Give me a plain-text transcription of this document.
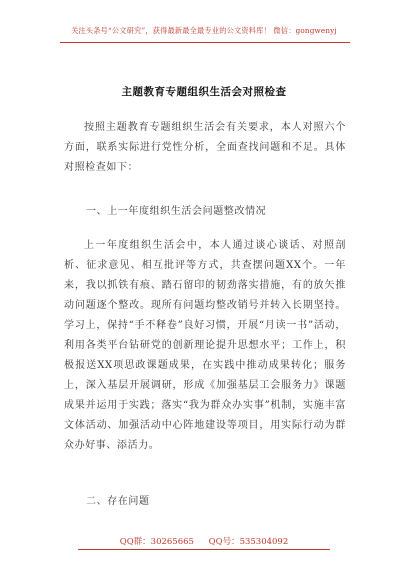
关注头条号“公文研究”，获得最新最全最专业的公文资料库！ 微信：gongwenyj
主题教育专题组织生活会对照检查
按照主题教育专题组织生活会有关要求，本人对照六个方面，联系实际进行党性分析，全面查找问题和不足。具体对照检查如下：
一、上一年度组织生活会问题整改情况
上一年度组织生活会中，本人通过谈心谈话、对照剖析、征求意见、相互批评等方式，共查摆问题XX个。一年来，我以抓铁有痕、踏石留印的韧劲落实措施，有的放矢推动问题逐个整改。现所有问题均整改销号并转入长期坚持。学习上，保持“手不释卷”良好习惯，开展“月读一书”活动，利用各类平台钻研党的创新理论提升思想水平；工作上，积极报送XX项思政课题成果，在实践中推动成果转化；服务上，深入基层开展调研，形成《加强基层工会服务力》课题成果并运用于实践；落实“我为群众办实事”机制，实施丰富文体活动、加强活动中心阵地建设等项目，用实际行动为群众办好事、添活力。
二、存在问题
QQ群：30265665 QQ号：535304092
